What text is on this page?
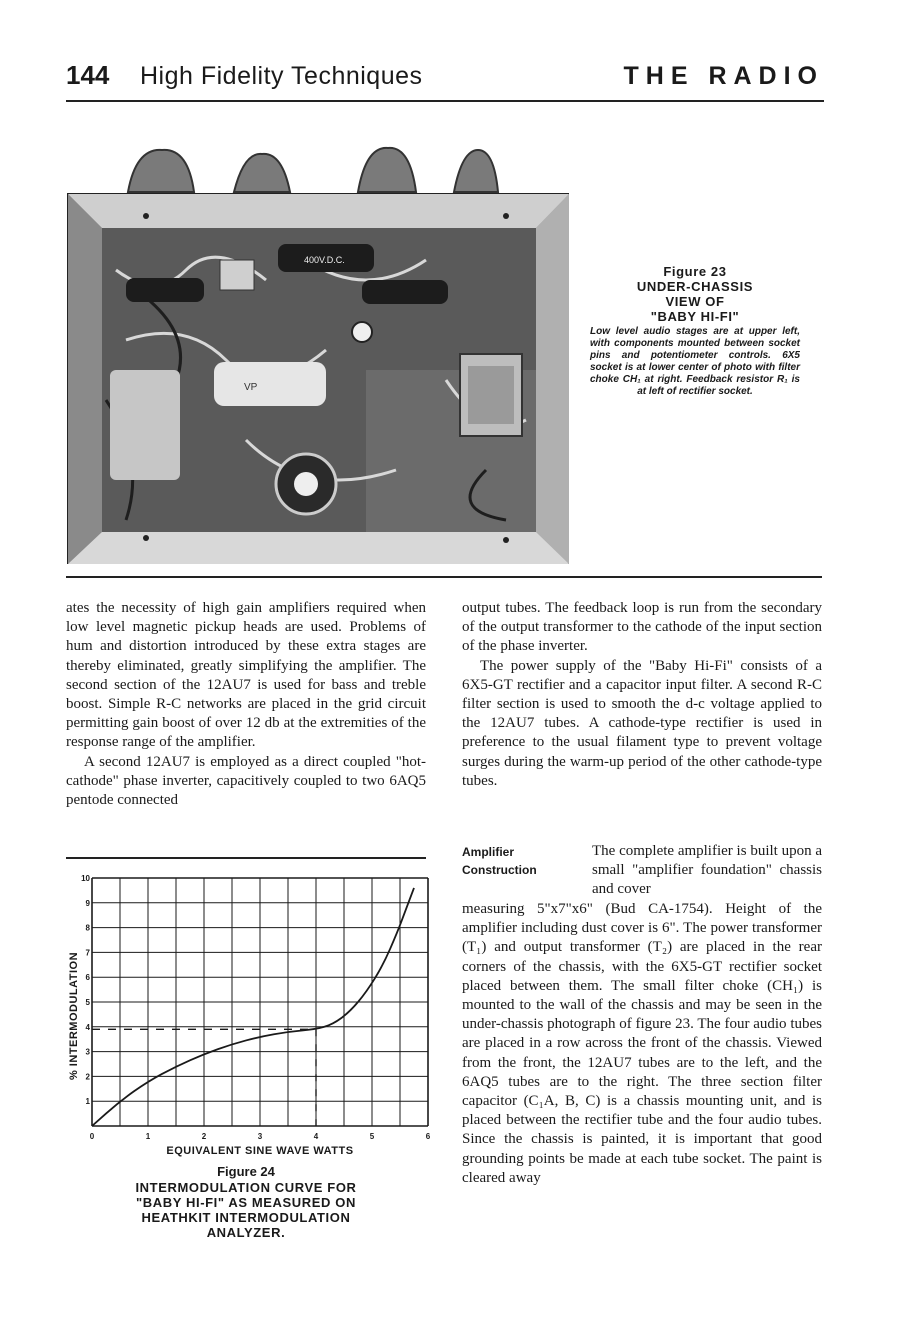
144 High Fidelity Techniques	THE RADIO
400V.D.C.
VP
Figure 23
UNDER-CHASSIS
VIEW OF
"BABY HI-FI"
Low level audio stages are at upper left, with components mounted between socket pins and potentiometer controls. 6X5 socket is at lower center of photo with filter choke CH₁ at right. Feedback resistor R₁ is at left of rectifier socket.

ates the necessity of high gain amplifiers required when low level magnetic pickup heads are used. Problems of hum and distortion introduced by these extra stages are thereby eliminated, greatly simplifying the amplifier. The second section of the 12AU7 is used for bass and treble boost. Simple R-C networks are placed in the grid circuit permitting gain boost of over 12 db at the extremities of the response range of the amplifier.

A second 12AU7 is employed as a direct coupled "hot-cathode" phase inverter, capacitively coupled to two 6AQ5 pentode connected

output tubes. The feedback loop is run from the secondary of the output transformer to the cathode of the input section of the phase inverter.

The power supply of the "Baby Hi-Fi" consists of a 6X5-GT rectifier and a capacitor input filter. A second R-C filter section is used to smooth the d-c voltage applied to the 12AU7 tubes. A cathode-type rectifier is used in preference to the usual filament type to prevent voltage surges during the warm-up period of the other cathode-type tubes.

Amplifier
Construction

The complete amplifier is built upon a small "amplifier foundation" chassis and cover

measuring 5"x7"x6" (Bud CA-1754). Height of the amplifier including dust cover is 6". The power transformer (T₁) and output transformer (T₂) are placed in the rear corners of the chassis, with the 6X5-GT rectifier socket placed between them. The small filter choke (CH₁) is mounted to the wall of the chassis and may be seen in the under-chassis photograph of figure 23. The four audio tubes are placed in a row across the front of the chassis. Viewed from the front, the 12AU7 tubes are to the left, and the 6AQ5 tubes are to the right. The three section filter capacitor (C₁A, B, C) is a chassis mounting unit, and is placed between the rectifier tube and the four audio tubes. Since the chassis is painted, it is important that good grounding points be made at each tube socket. The paint is cleared away

% INTERMODULATION
EQUIVALENT SINE WAVE WATTS
0	1	2	3	4	5	6
1
2
3
4
5
6
7
8
9
10
Figure 24
INTERMODULATION CURVE FOR
"BABY HI-FI" AS MEASURED ON
HEATHKIT INTERMODULATION
ANALYZER.
